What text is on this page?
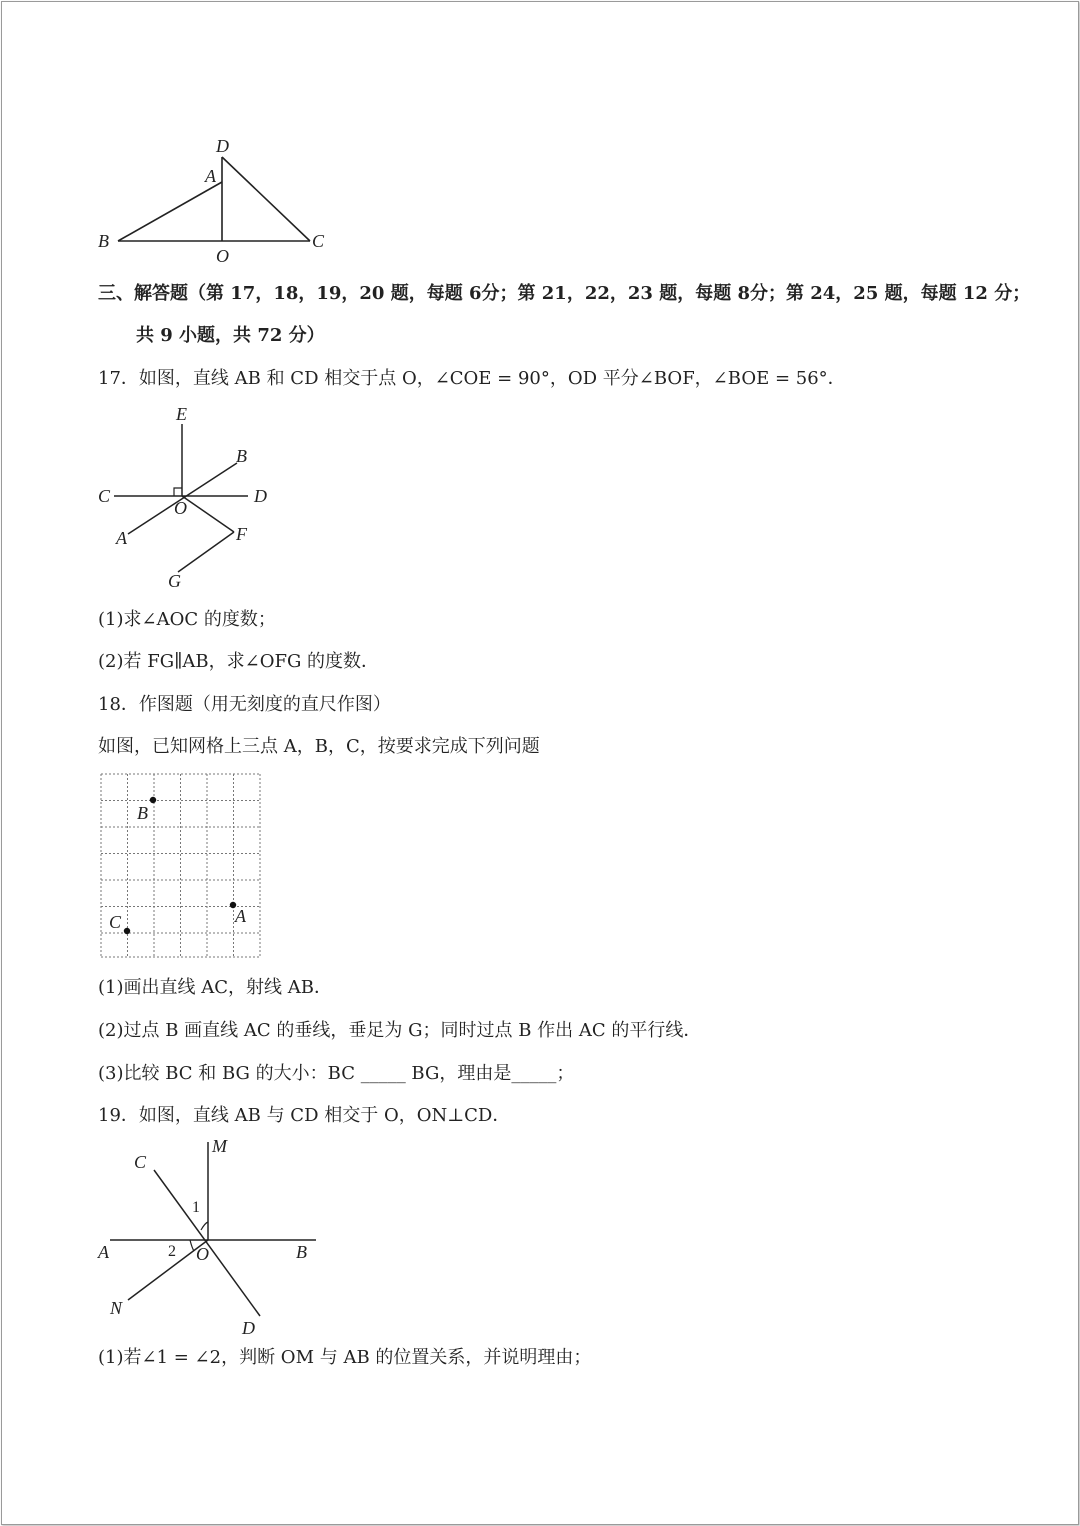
D
A
B
O
C
三、解答题（第 17，18，19，20 题，每题 6分；第 21，22，23 题，每题 8分；第 24，25 题，每题 12 分；
共 9 小题，共 72 分）
17．如图，直线 AB 和 CD 相交于点 O，∠COE = 90°，OD 平分∠BOF，∠BOE = 56°．
E
B
C	D
O
A	F
G
(1)求∠AOC 的度数；
(2)若 FG∥AB，求∠OFG 的度数．
18．作图题（用无刻度的直尺作图）
如图，已知网格上三点 A，B，C，按要求完成下列问题
B
A
C
(1)画出直线 AC，射线 AB．
(2)过点 B 画直线 AC 的垂线，垂足为 G；同时过点 B 作出 AC 的平行线．
(3)比较 BC 和 BG 的大小：BC _____ BG，理由是_____；
19．如图，直线 AB 与 CD 相交于 O，ON⊥CD．
C
M
1
A	2 O	B
N
D
(1)若∠1 = ∠2，判断 OM 与 AB 的位置关系，并说明理由；
